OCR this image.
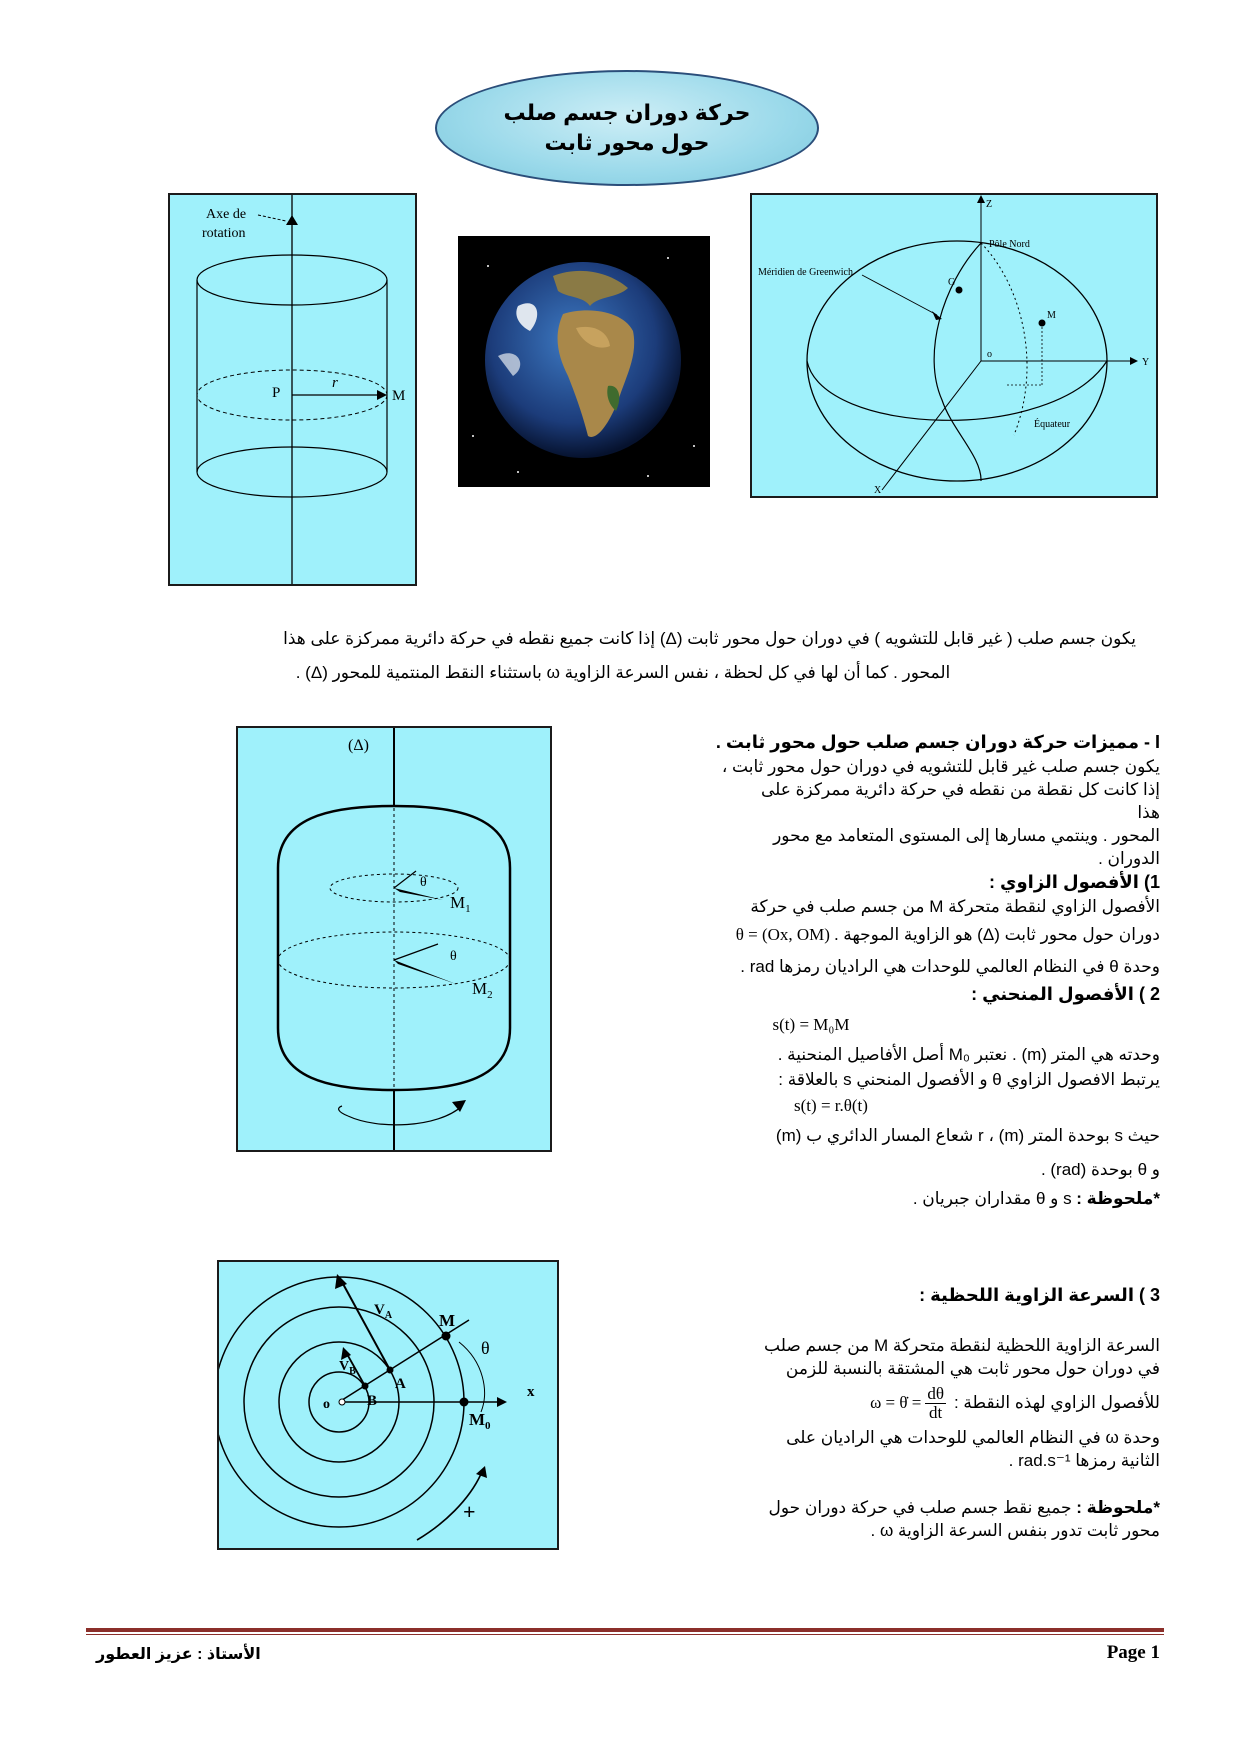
حركة دوران جسم صلب
حول محور ثابت
Axe de
rotation
P
r
M
Z
Y
X
Pôle Nord
Méridien de Greenwich
Équateur
G
M
o
يكون جسم صلب ( غير قابل للتشويه ) في دوران حول محور ثابت (Δ) إذا كانت جميع نقطه في حركة دائرية ممركزة على هذا
المحور . كما أن لها في كل لحظة ، نفس السرعة الزاوية ω باستثناء النقط المنتمية للمحور (Δ) .
(Δ)
θ
$M_1$
θ
$M_2$
$V_A$
$V_B$
M
θ
A
B
o
x
$M_0$
+
I - مميزات حركة دوران جسم صلب حول محور ثابت .
يكون جسم صلب غير قابل للتشويه في دوران حول محور ثابت ،
إذا كانت كل نقطة من نقطه في حركة دائرية ممركزة على هذا
المحور . وينتمي مسارها إلى المستوى المتعامد مع محور
الدوران .
1) الأفصول الزاوي :
الأفصول الزاوي لنقطة متحركة M من جسم صلب في حركة
دوران حول محور ثابت (Δ) هو الزاوية الموجهة θ = (Ox, OM) .
وحدة θ في النظام العالمي للوحدات هي الراديان رمزها rad .
2 ) الأفصول المنحني :
s(t) = M₀M
وحدته هي المتر (m) . نعتبر M₀ أصل الأفاصيل المنحنية .
يرتبط الافصول الزاوي θ و الأفصول المنحني s بالعلاقة :
s(t) = r.θ(t)
حيث s بوحدة المتر (m) ، r شعاع المسار الدائري ب (m)
و θ بوحدة (rad) .
*ملحوظة : s و θ مقداران جبريان .
3 ) السرعة الزاوية اللحظية :
السرعة الزاوية اللحظية لنقطة متحركة M من جسم صلب
في دوران حول محور ثابت هي المشتقة بالنسبة للزمن
للأفصول الزاوي لهذه النقطة :
ω = θ̇ = $\frac{d\theta}{dt}$
وحدة ω في النظام العالمي للوحدات هي الراديان على
الثانية رمزها rad.s⁻¹ .
*ملحوظة : جميع نقط جسم صلب في حركة دوران حول
محور ثابت تدور بنفس السرعة الزاوية ω .
الأستاذ : عزيز العطور	Page 1
